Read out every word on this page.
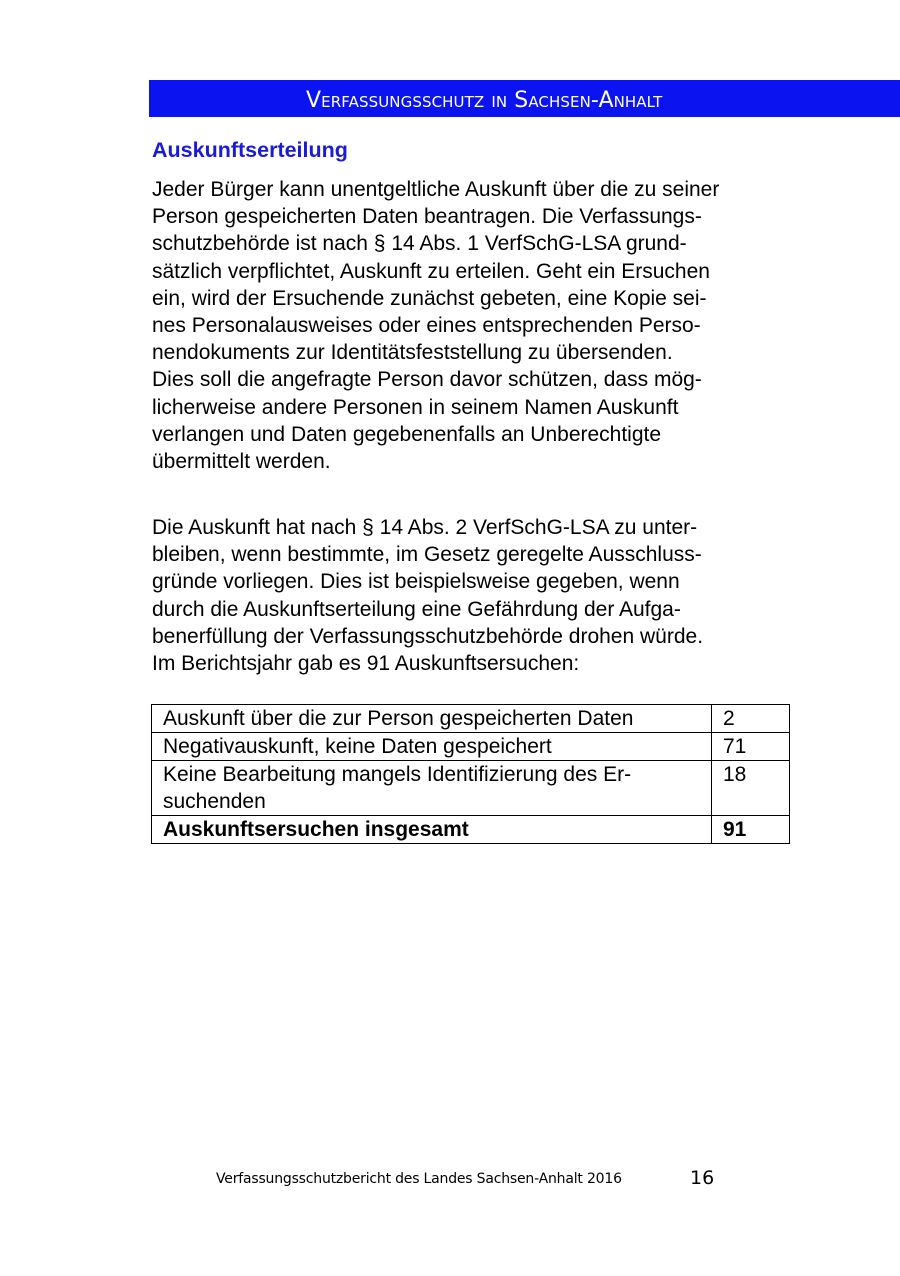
Verfassungsschutz in Sachsen-Anhalt
Auskunftserteilung

Jeder Bürger kann unentgeltliche Auskunft über die zu seiner
Person gespeicherten Daten beantragen. Die Verfassungs-
schutzbehörde ist nach § 14 Abs. 1 VerfSchG-LSA grund-
sätzlich verpflichtet, Auskunft zu erteilen. Geht ein Ersuchen
ein, wird der Ersuchende zunächst gebeten, eine Kopie sei-
nes Personalausweises oder eines entsprechenden Perso-
nendokuments zur Identitätsfeststellung zu übersenden.
Dies soll die angefragte Person davor schützen, dass mög-
licherweise andere Personen in seinem Namen Auskunft
verlangen und Daten gegebenenfalls an Unberechtigte
übermittelt werden.

Die Auskunft hat nach § 14 Abs. 2 VerfSchG-LSA zu unter-
bleiben, wenn bestimmte, im Gesetz geregelte Ausschluss-
gründe vorliegen. Dies ist beispielsweise gegeben, wenn
durch die Auskunftserteilung eine Gefährdung der Aufga-
benerfüllung der Verfassungsschutzbehörde drohen würde.
Im Berichtsjahr gab es 91 Auskunftsersuchen:

Auskunft über die zur Person gespeicherten Daten	2
Negativauskunft, keine Daten gespeichert	71
Keine Bearbeitung mangels Identifizierung des Er-
suchenden	18
Auskunftsersuchen insgesamt	91
Verfassungsschutzbericht des Landes Sachsen-Anhalt 2016	16
